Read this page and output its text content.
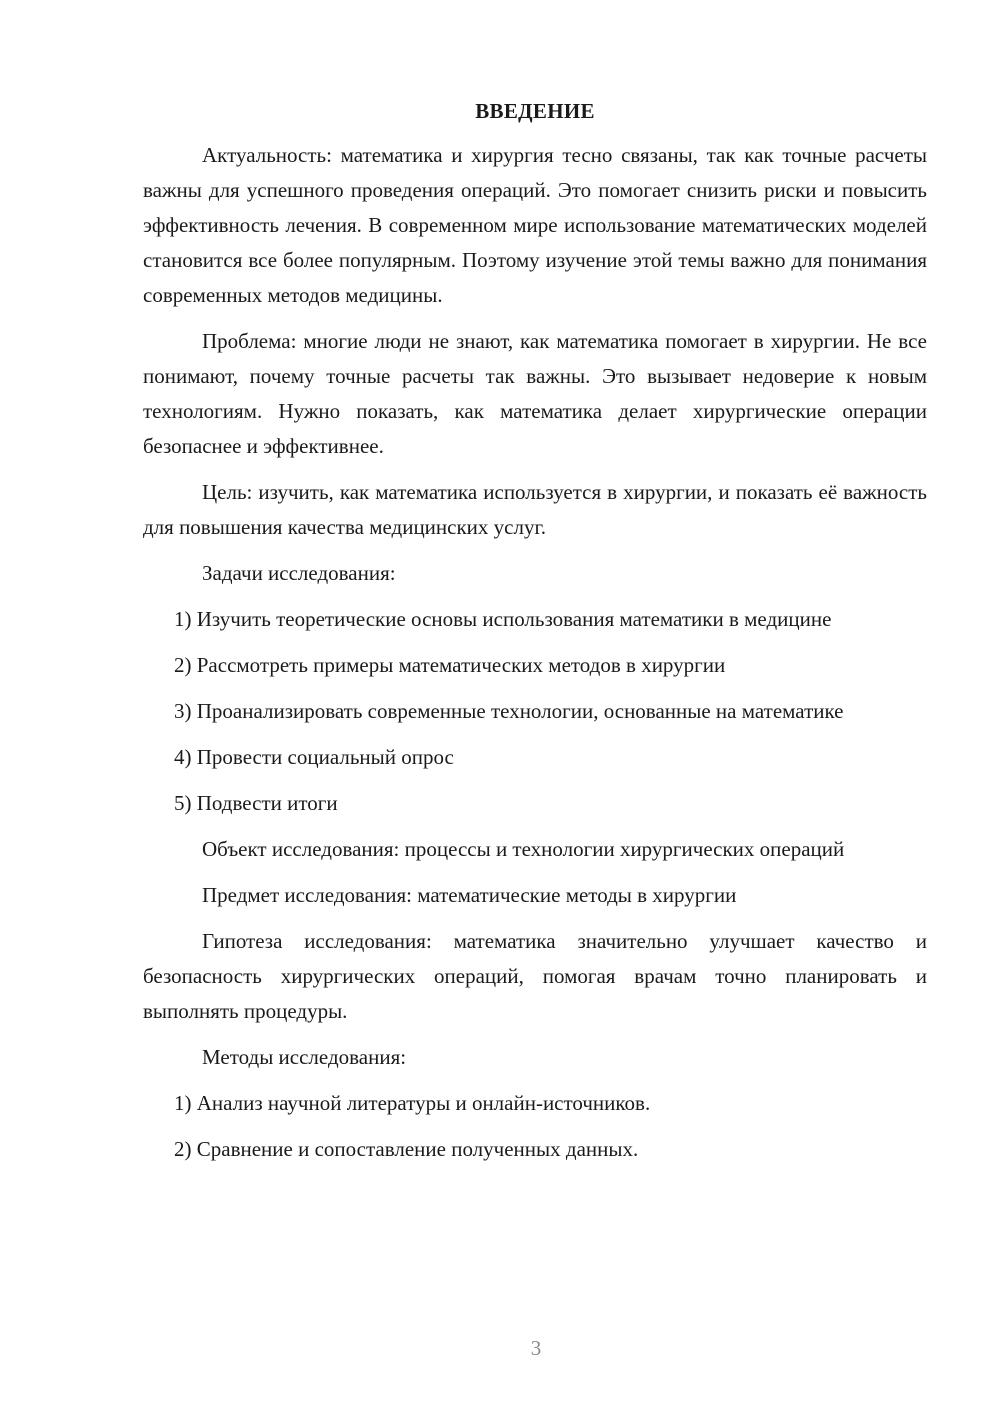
ВВЕДЕНИЕ

Актуальность: математика и хирургия тесно связаны, так как точные расчеты важны для успешного проведения операций. Это помогает снизить риски и повысить эффективность лечения. В современном мире использование математических моделей становится все более популярным. Поэтому изучение этой темы важно для понимания современных методов медицины.

Проблема: многие люди не знают, как математика помогает в хирургии. Не все понимают, почему точные расчеты так важны. Это вызывает недоверие к новым технологиям. Нужно показать, как математика делает хирургические операции безопаснее и эффективнее.

Цель: изучить, как математика используется в хирургии, и показать её важность для повышения качества медицинских услуг.

Задачи исследования:

1) Изучить теоретические основы использования математики в медицине

2) Рассмотреть примеры математических методов в хирургии

3) Проанализировать современные технологии, основанные на математике

4) Провести социальный опрос

5) Подвести итоги

Объект исследования: процессы и технологии хирургических операций

Предмет исследования: математические методы в хирургии

Гипотеза исследования: математика значительно улучшает качество и безопасность хирургических операций, помогая врачам точно планировать и выполнять процедуры.

Методы исследования:

1) Анализ научной литературы и онлайн-источников.

2) Сравнение и сопоставление полученных данных.

3
